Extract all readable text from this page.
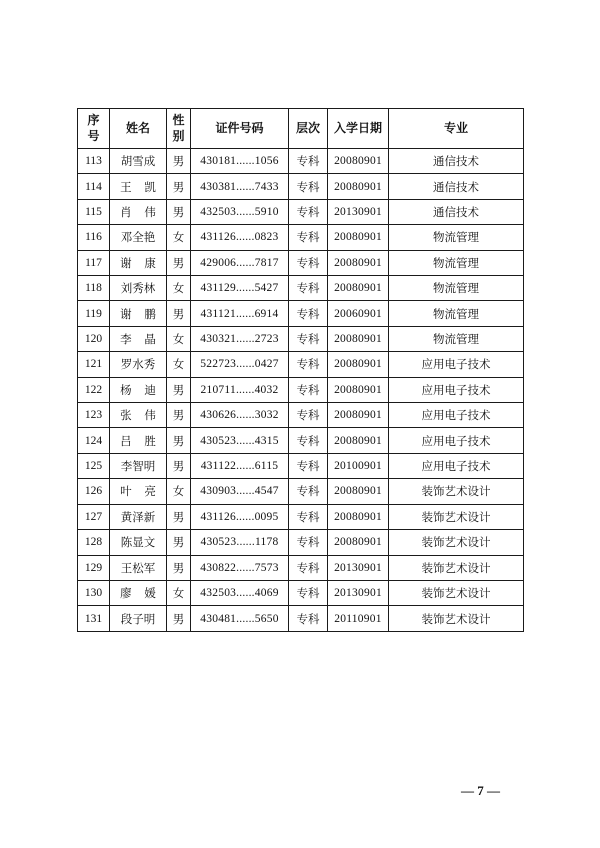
序号	姓名	性别	证件号码	层次	入学日期	专业
113	胡雪成	男	430181......1056	专科	20080901	通信技术
114	王 凯	男	430381......7433	专科	20080901	通信技术
115	肖 伟	男	432503......5910	专科	20130901	通信技术
116	邓全艳	女	431126......0823	专科	20080901	物流管理
117	谢 康	男	429006......7817	专科	20080901	物流管理
118	刘秀林	女	431129......5427	专科	20080901	物流管理
119	谢 鹏	男	431121......6914	专科	20060901	物流管理
120	李 晶	女	430321......2723	专科	20080901	物流管理
121	罗水秀	女	522723......0427	专科	20080901	应用电子技术
122	杨 迪	男	210711......4032	专科	20080901	应用电子技术
123	张 伟	男	430626......3032	专科	20080901	应用电子技术
124	吕 胜	男	430523......4315	专科	20080901	应用电子技术
125	李智明	男	431122......6115	专科	20100901	应用电子技术
126	叶 亮	女	430903......4547	专科	20080901	装饰艺术设计
127	黄泽新	男	431126......0095	专科	20080901	装饰艺术设计
128	陈显文	男	430523......1178	专科	20080901	装饰艺术设计
129	王松军	男	430822......7573	专科	20130901	装饰艺术设计
130	廖 媛	女	432503......4069	专科	20130901	装饰艺术设计
131	段子明	男	430481......5650	专科	20110901	装饰艺术设计
— 7 —
